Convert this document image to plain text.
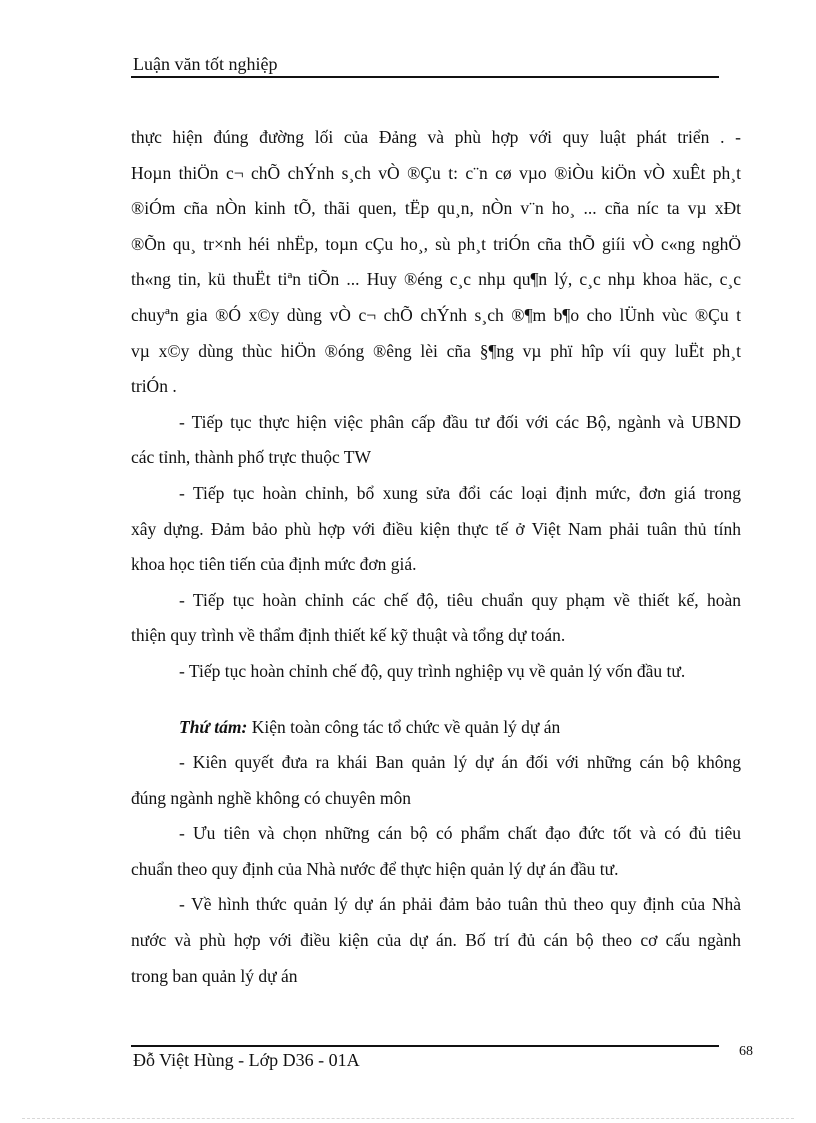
Luận văn tốt nghiệp
thực hiện đúng đường lối của Đảng và phù hợp với quy luật phát triển . -
Hoµn thiÖn c¬ chÕ chÝnh s¸ch vÒ ®Çu t: c¨n cø vµo ®iÒu kiÖn vÒ xuÊt ph¸t
®iÓm cña nÒn kinh tÕ, thãi quen, tËp qu¸n, nÒn v¨n ho¸ ... cña níc ta vµ xÐt
®Õn qu¸ tr×nh héi nhËp, toµn cÇu ho¸, sù ph¸t triÓn cña thÕ giíi vÒ c«ng nghÖ
th«ng tin, kü thuËt tiªn tiÕn ... Huy ®éng c¸c nhµ qu¶n lý, c¸c nhµ khoa häc, c¸c
chuyªn gia ®Ó x©y dùng vÒ c¬ chÕ chÝnh s¸ch ®¶m b¶o cho lÜnh vùc ®Çu t
vµ x©y dùng thùc hiÖn ®óng ®êng lèi cña §¶ng vµ phï hîp víi quy luËt ph¸t
triÓn .
- Tiếp tục thực hiện việc phân cấp đầu tư đối với các Bộ, ngành và UBND
các tỉnh, thành phố trực thuộc TW
- Tiếp tục hoàn chỉnh, bổ xung sửa đổi các loại định mức, đơn giá trong
xây dựng. Đảm bảo phù hợp với điều kiện thực tế ở Việt Nam phải tuân thủ tính
khoa học tiên tiến của định mức đơn giá.
- Tiếp tục hoàn chỉnh các chế độ, tiêu chuẩn quy phạm về thiết kế, hoàn
thiện quy trình về thẩm định thiết kế kỹ thuật và tổng dự toán.
- Tiếp tục hoàn chỉnh chế độ, quy trình nghiệp vụ về quản lý vốn đầu tư.
Thứ tám: Kiện toàn công tác tổ chức về quản lý dự án
- Kiên quyết đưa ra khái Ban quản lý dự án đối với những cán bộ không
đúng ngành nghề không có chuyên môn
- Ưu tiên và chọn những cán bộ có phẩm chất đạo đức tốt và có đủ tiêu
chuẩn theo quy định của Nhà nước để thực hiện quản lý dự án đầu tư.
- Về hình thức quản lý dự án phải đảm bảo tuân thủ theo quy định của Nhà
nước và phù hợp với điều kiện của dự án. Bố trí đủ cán bộ theo cơ cấu ngành
trong ban quản lý dự án
Đỗ Việt Hùng - Lớp D36 - 01A	68
